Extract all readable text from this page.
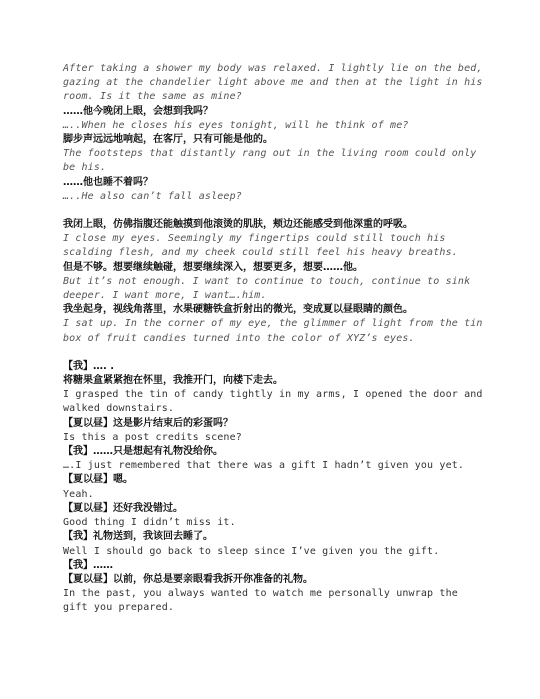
After taking a shower my body was relaxed. I lightly lie on the bed, gazing at the chandelier light above me and then at the light in his room. Is it the same as mine?

……他今晚闭上眼，会想到我吗？

…..When he closes his eyes tonight, will he think of me?

脚步声远远地响起，在客厅，只有可能是他的。

The footsteps that distantly rang out in the living room could only be his.

……他也睡不着吗？

…..He also can’t fall asleep?

我闭上眼，仿佛指腹还能触摸到他滚烫的肌肤，颊边还能感受到他深重的呼吸。

I close my eyes. Seemingly my fingertips could still touch his scalding flesh, and my cheek could still feel his heavy breaths.

但是不够。想要继续触碰，想要继续深入，想要更多，想要……他。

But it’s not enough. I want to continue to touch, continue to sink deeper. I want more, I want….him.

我坐起身，视线角落里，水果硬糖铁盒折射出的微光，变成夏以昼眼睛的颜色。

I sat up. In the corner of my eye, the glimmer of light from the tin box of fruit candies turned into the color of XYZ’s eyes.

【我】…. .

将糖果盒紧紧抱在怀里，我推开门，向楼下走去。

I grasped the tin of candy tightly in my arms, I opened the door and walked downstairs.

【夏以昼】这是影片结束后的彩蛋吗？

Is this a post credits scene?

【我】……只是想起有礼物没给你。

….I just remembered that there was a gift I hadn’t given you yet.

【夏以昼】嗯。

Yeah.

【夏以昼】还好我没错过。

Good thing I didn’t miss it.

【我】礼物送到，我该回去睡了。

Well I should go back to sleep since I’ve given you the gift.

【我】……

【夏以昼】以前，你总是要亲眼看我拆开你准备的礼物。

In the past, you always wanted to watch me personally unwrap the gift you prepared.
